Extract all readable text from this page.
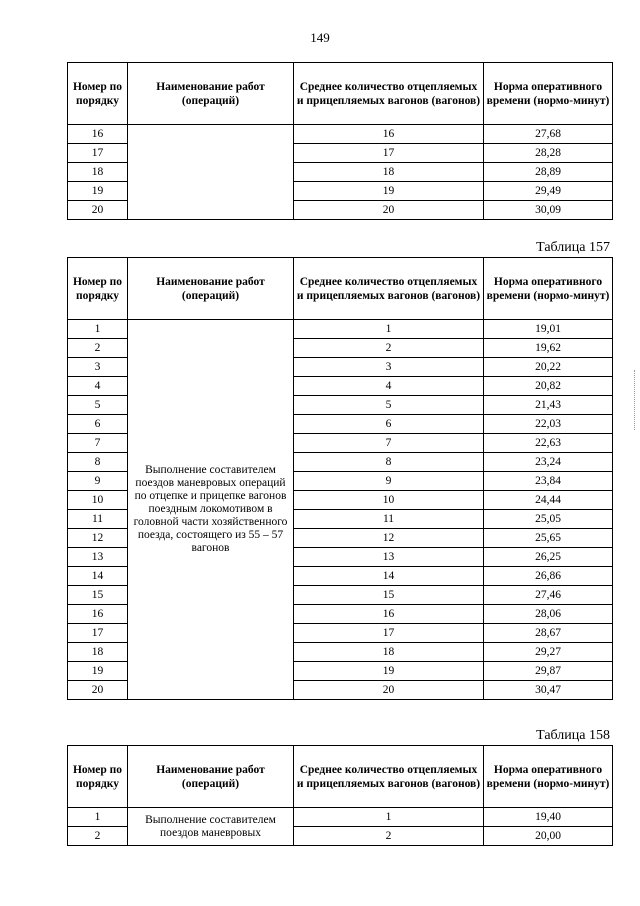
149
Номер по порядку	Наименование работ (операций)	Среднее количество отцепляемых и прицепляемых вагонов (вагонов)	Норма оперативного времени (нормо-минут)
16		16	27,68
17		17	28,28
18		18	28,89
19		19	29,49
20		20	30,09
Таблица 157
Номер по порядку	Наименование работ (операций)	Среднее количество отцепляемых и прицепляемых вагонов (вагонов)	Норма оперативного времени (нормо-минут)
1	Выполнение составителем поездов маневровых операций по отцепке и прицепке вагонов поездным локомотивом в головной части хозяйственного поезда, состоящего из 55 – 57 вагонов	1	19,01
2		2	19,62
3		3	20,22
4		4	20,82
5		5	21,43
6		6	22,03
7		7	22,63
8		8	23,24
9		9	23,84
10		10	24,44
11		11	25,05
12		12	25,65
13		13	26,25
14		14	26,86
15		15	27,46
16		16	28,06
17		17	28,67
18		18	29,27
19		19	29,87
20		20	30,47
Таблица 158
Номер по порядку	Наименование работ (операций)	Среднее количество отцепляемых и прицепляемых вагонов (вагонов)	Норма оперативного времени (нормо-минут)
1	Выполнение составителем поездов маневровых	1	19,40
2		2	20,00
